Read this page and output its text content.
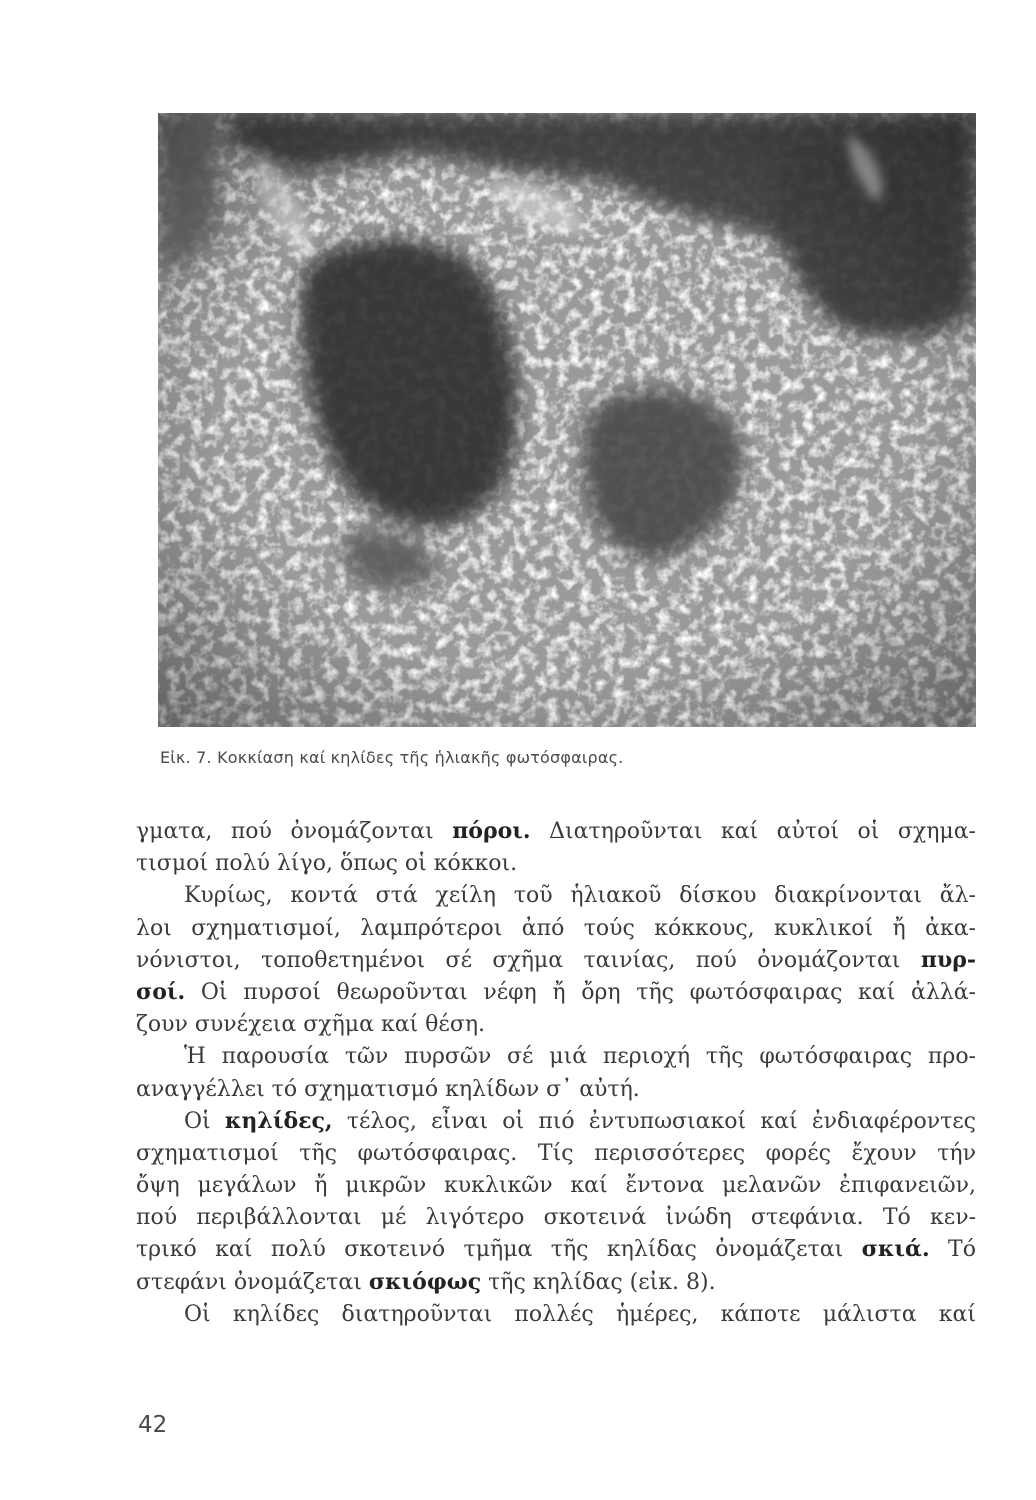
Εἰκ. 7. Κοκκίαση καί κηλίδες τῆς ἡλιακῆς φωτόσφαιρας.
γματα, πού ὀνομάζονται πόροι. Διατηροῦνται καί αὐτοί οἱ σχημα-
τισμοί πολύ λίγο, ὅπως οἱ κόκκοι.
Κυρίως, κοντά στά χείλη τοῦ ἡλιακοῦ δίσκου διακρίνονται ἄλ-
λοι σχηματισμοί, λαμπρότεροι ἀπό τούς κόκκους, κυκλικοί ἤ ἀκα-
νόνιστοι, τοποθετημένοι σέ σχῆμα ταινίας, πού ὀνομάζονται πυρ-
σοί. Οἱ πυρσοί θεωροῦνται νέφη ἤ ὄρη τῆς φωτόσφαιρας καί ἀλλά-
ζουν συνέχεια σχῆμα καί θέση.
Ἡ παρουσία τῶν πυρσῶν σέ μιά περιοχή τῆς φωτόσφαιρας προ-
αναγγέλλει τό σχηματισμό κηλίδων σ᾽ αὐτή.
Οἱ κηλίδες, τέλος, εἶναι οἱ πιό ἐντυπωσιακοί καί ἐνδιαφέροντες
σχηματισμοί τῆς φωτόσφαιρας. Τίς περισσότερες φορές ἔχουν τήν
ὄψη μεγάλων ἤ μικρῶν κυκλικῶν καί ἔντονα μελανῶν ἐπιφανειῶν,
πού περιβάλλονται μέ λιγότερο σκοτεινά ἰνώδη στεφάνια. Τό κεν-
τρικό καί πολύ σκοτεινό τμῆμα τῆς κηλίδας ὀνομάζεται σκιά. Τό
στεφάνι ὀνομάζεται σκιόφως τῆς κηλίδας (εἰκ. 8).
Οἱ κηλίδες διατηροῦνται πολλές ἡμέρες, κάποτε μάλιστα καί
42
